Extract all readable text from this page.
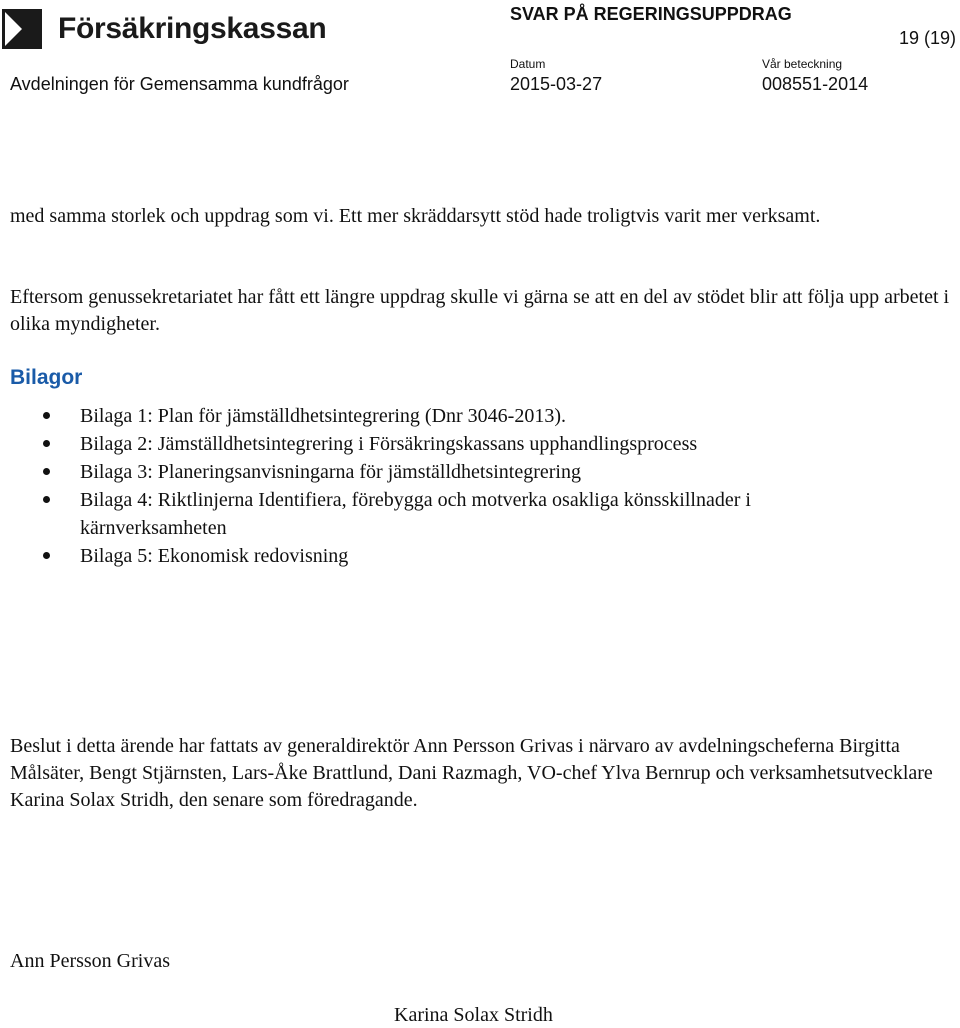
Försäkringskassan	SVAR PÅ REGERINGSUPPDRAG
19 (19)
Avdelningen för Gemensamma kundfrågor
Datum
2015-03-27
Vår beteckning
008551-2014

med samma storlek och uppdrag som vi. Ett mer skräddarsytt stöd hade troligtvis varit mer verksamt.

Eftersom genussekretariatet har fått ett längre uppdrag skulle vi gärna se att en del av stödet blir att följa upp arbetet i olika myndigheter.

Bilagor
Bilaga 1: Plan för jämställdhetsintegrering (Dnr 3046-2013).
Bilaga 2: Jämställdhetsintegrering i Försäkringskassans upphandlingsprocess
Bilaga 3: Planeringsanvisningarna för jämställdhetsintegrering
Bilaga 4: Riktlinjerna Identifiera, förebygga och motverka osakliga könsskillnader i kärnverksamheten
Bilaga 5: Ekonomisk redovisning

Beslut i detta ärende har fattats av generaldirektör Ann Persson Grivas i närvaro av avdelningscheferna Birgitta Målsäter, Bengt Stjärnsten, Lars-Åke Brattlund, Dani Razmagh, VO-chef Ylva Bernrup och verksamhetsutvecklare Karina Solax Stridh, den senare som föredragande.

Ann Persson Grivas
Karina Solax Stridh
